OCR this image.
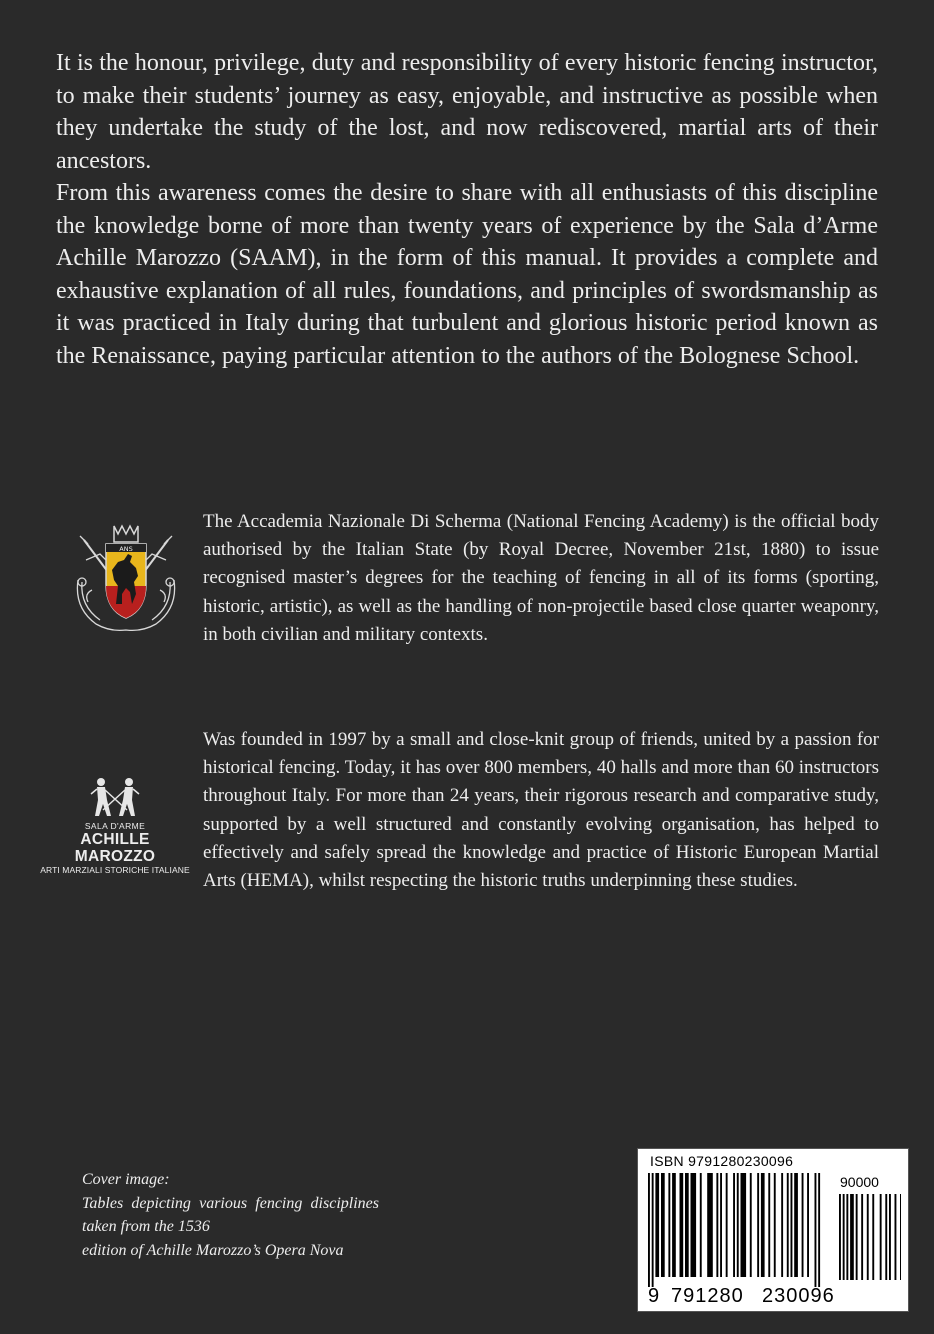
It is the honour, privilege, duty and responsibility of every historic fencing instructor, to make their students’ journey as easy, enjoyable, and instructive as possible when they undertake the study of the lost, and now rediscovered, martial arts of their ancestors.

From this awareness comes the desire to share with all enthusiasts of this discipline the knowledge borne of more than twenty years of experience by the Sala d’Arme Achille Marozzo (SAAM), in the form of this manual. It provides a complete and exhaustive explanation of all rules, foundations, and principles of swordsmanship as it was practiced in Italy during that turbulent and glorious historic period known as the Renaissance, paying particular attention to the authors of the Bolognese School.

ANS

The Accademia Nazionale Di Scherma (National Fencing Academy) is the official body authorised by the Italian State (by Royal Decree, November 21st, 1880) to issue recognised master’s degrees for the teaching of fencing in all of its forms (sporting, historic, artistic), as well as the handling of non-projectile based close quarter weaponry, in both civilian and military contexts.

SALA D'ARME
ACHILLE MAROZZO
ARTI MARZIALI STORICHE ITALIANE

Was founded in 1997 by a small and close-knit group of friends, united by a passion for historical fencing. Today, it has over 800 members, 40 halls and more than 60 instructors throughout Italy. For more than 24 years, their rigorous research and comparative study, supported by a well structured and constantly evolving organisation, has helped to effectively and safely spread the knowledge and practice of Historic European Martial Arts (HEMA), whilst respecting the historic truths underpinning these studies.

Cover image:
Tables depicting various fencing disciplines
taken from the 1536
edition of Achille Marozzo’s Opera Nova
ISBN 9791280230096
90000
9 791280 230096
